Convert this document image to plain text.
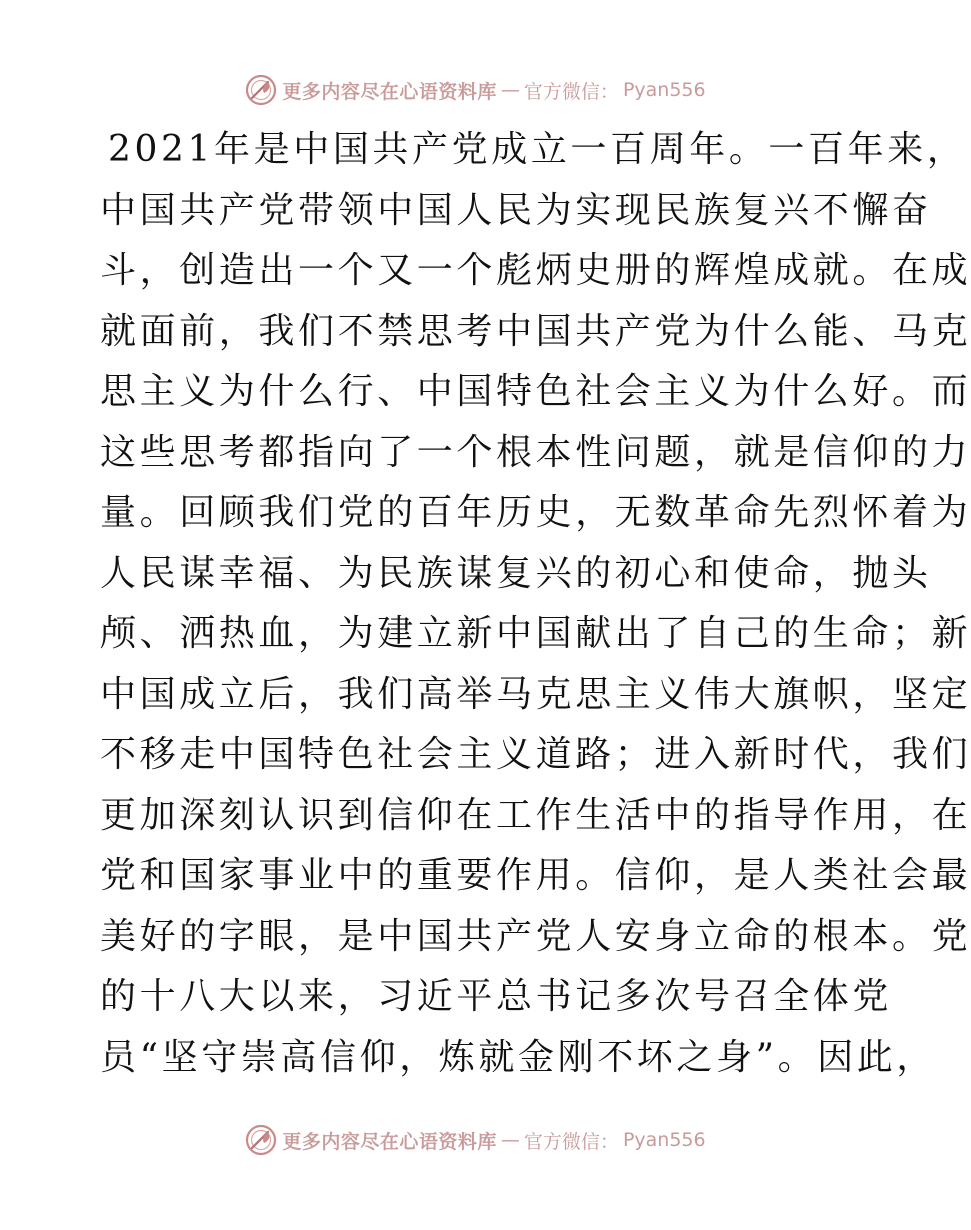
更多内容尽在心语资料库 — 官方微信： Pyan556
2021年是中国共产党成立一百周年。一百年来，
中国共产党带领中国人民为实现民族复兴不懈奋
斗，创造出一个又一个彪炳史册的辉煌成就。在成
就面前，我们不禁思考中国共产党为什么能、马克
思主义为什么行、中国特色社会主义为什么好。而
这些思考都指向了一个根本性问题，就是信仰的力
量。回顾我们党的百年历史，无数革命先烈怀着为
人民谋幸福、为民族谋复兴的初心和使命，抛头
颅、洒热血，为建立新中国献出了自己的生命；新
中国成立后，我们高举马克思主义伟大旗帜，坚定
不移走中国特色社会主义道路；进入新时代，我们
更加深刻认识到信仰在工作生活中的指导作用，在
党和国家事业中的重要作用。信仰，是人类社会最
美好的字眼，是中国共产党人安身立命的根本。党
的十八大以来，习近平总书记多次号召全体党
员“坚守崇高信仰，炼就金刚不坏之身”。因此，
更多内容尽在心语资料库 — 官方微信： Pyan556
